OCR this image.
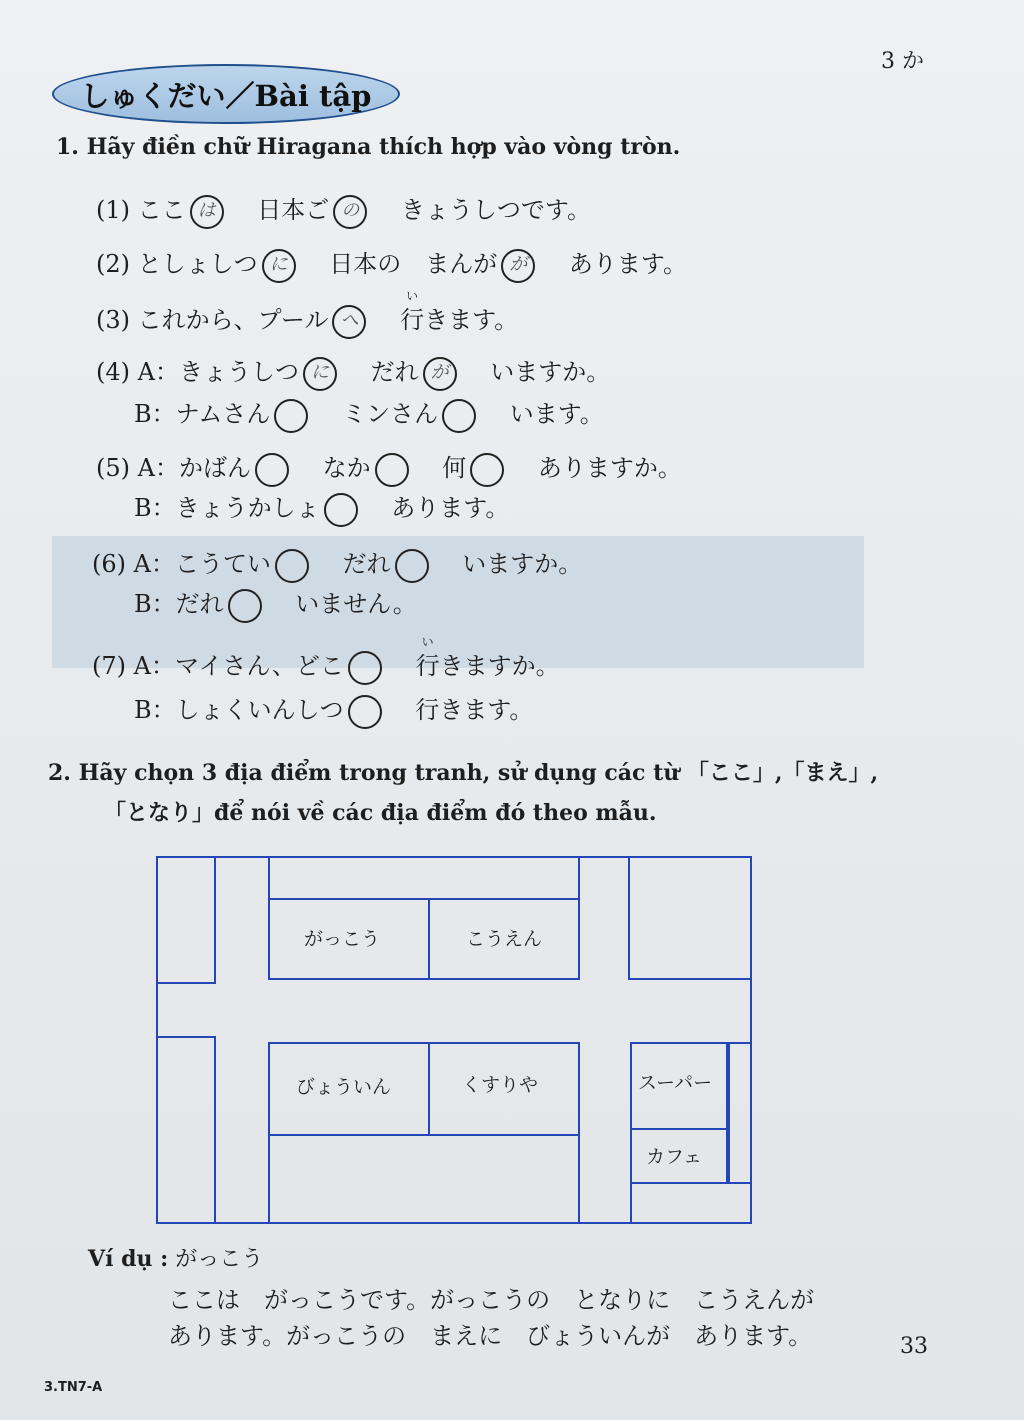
3 か
しゅくだい／Bài tập
1. Hãy điền chữ Hiragana thích hợp vào vòng tròn.
(1) ここ は 日本ご の きょうしつです。
(2) としょしつ に 日本の　まんが が あります。
(3) これから、プール へ
い
行きます。
(4) A：きょうしつ に だれ が いますか。
B：ナムさん	ミンさん	います。
(5) A：かばん	なか	何	ありますか。
B：きょうかしょ	あります。
(6) A：こうてい	だれ	いますか。
B：だれ	いません。
(7) A：マイさん、どこ
い
行きますか。
B：しょくいんしつ	行きます。
2. Hãy chọn 3 địa điểm trong tranh, sử dụng các từ 「ここ」,「まえ」,
「となり」để nói về các địa điểm đó theo mẫu.
がっこう	こうえん
びょういん	くすりや	スーパー
カフェ
Ví dụ : がっこう
ここは　がっこうです。がっこうの　となりに　こうえんが
あります。がっこうの　まえに　びょういんが　あります。	33
3.TN7-A
